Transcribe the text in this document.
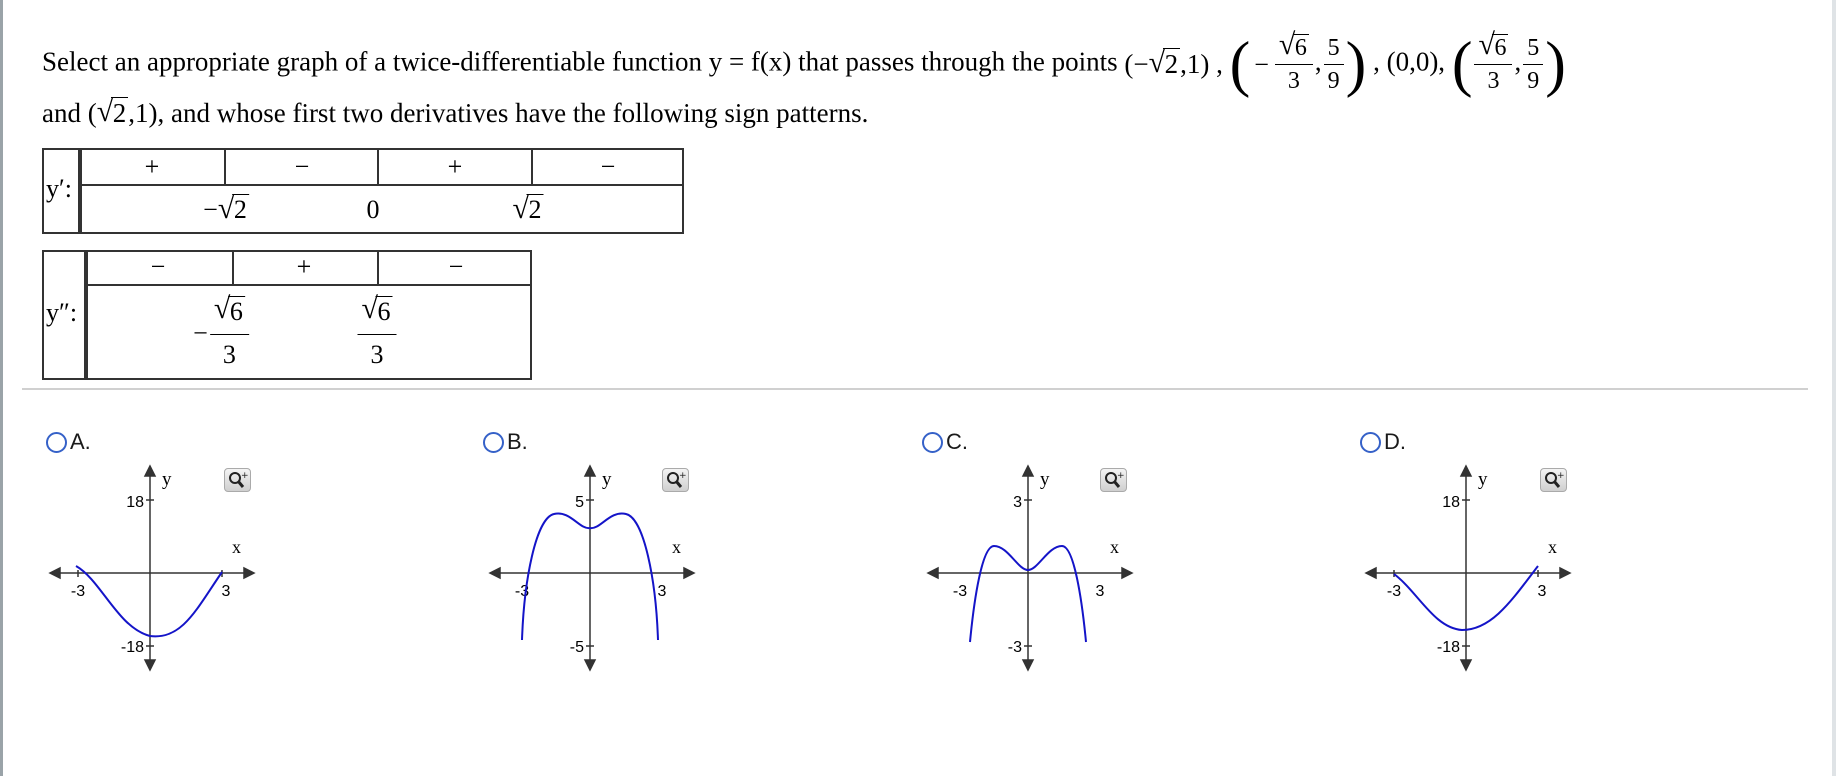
Select an appropriate graph of a twice-differentiable function y = f(x) that passes through the points (− √ 2,1) , ( − √ $\frac{6}{3}$ , $\frac{5}{9}$ ) , (0,0), ( √ $\frac{6}{3}$ , $\frac{5}{9}$ )
and ( √ 2,1), and whose first two derivatives have the following sign patterns.
y′:
+	−	+	−
− √ 2	0	√ 2
y″:
−	+	−
− √ $\frac{6}{3}$	√ $\frac{6}{3}$
A.
+
y
x
18
-18
-3	3
B.
+
y
x
5
-5
-3	3
C.
+
y
x
3
-3
-3	3
D.
+
y
x
18
-18
-3	3
